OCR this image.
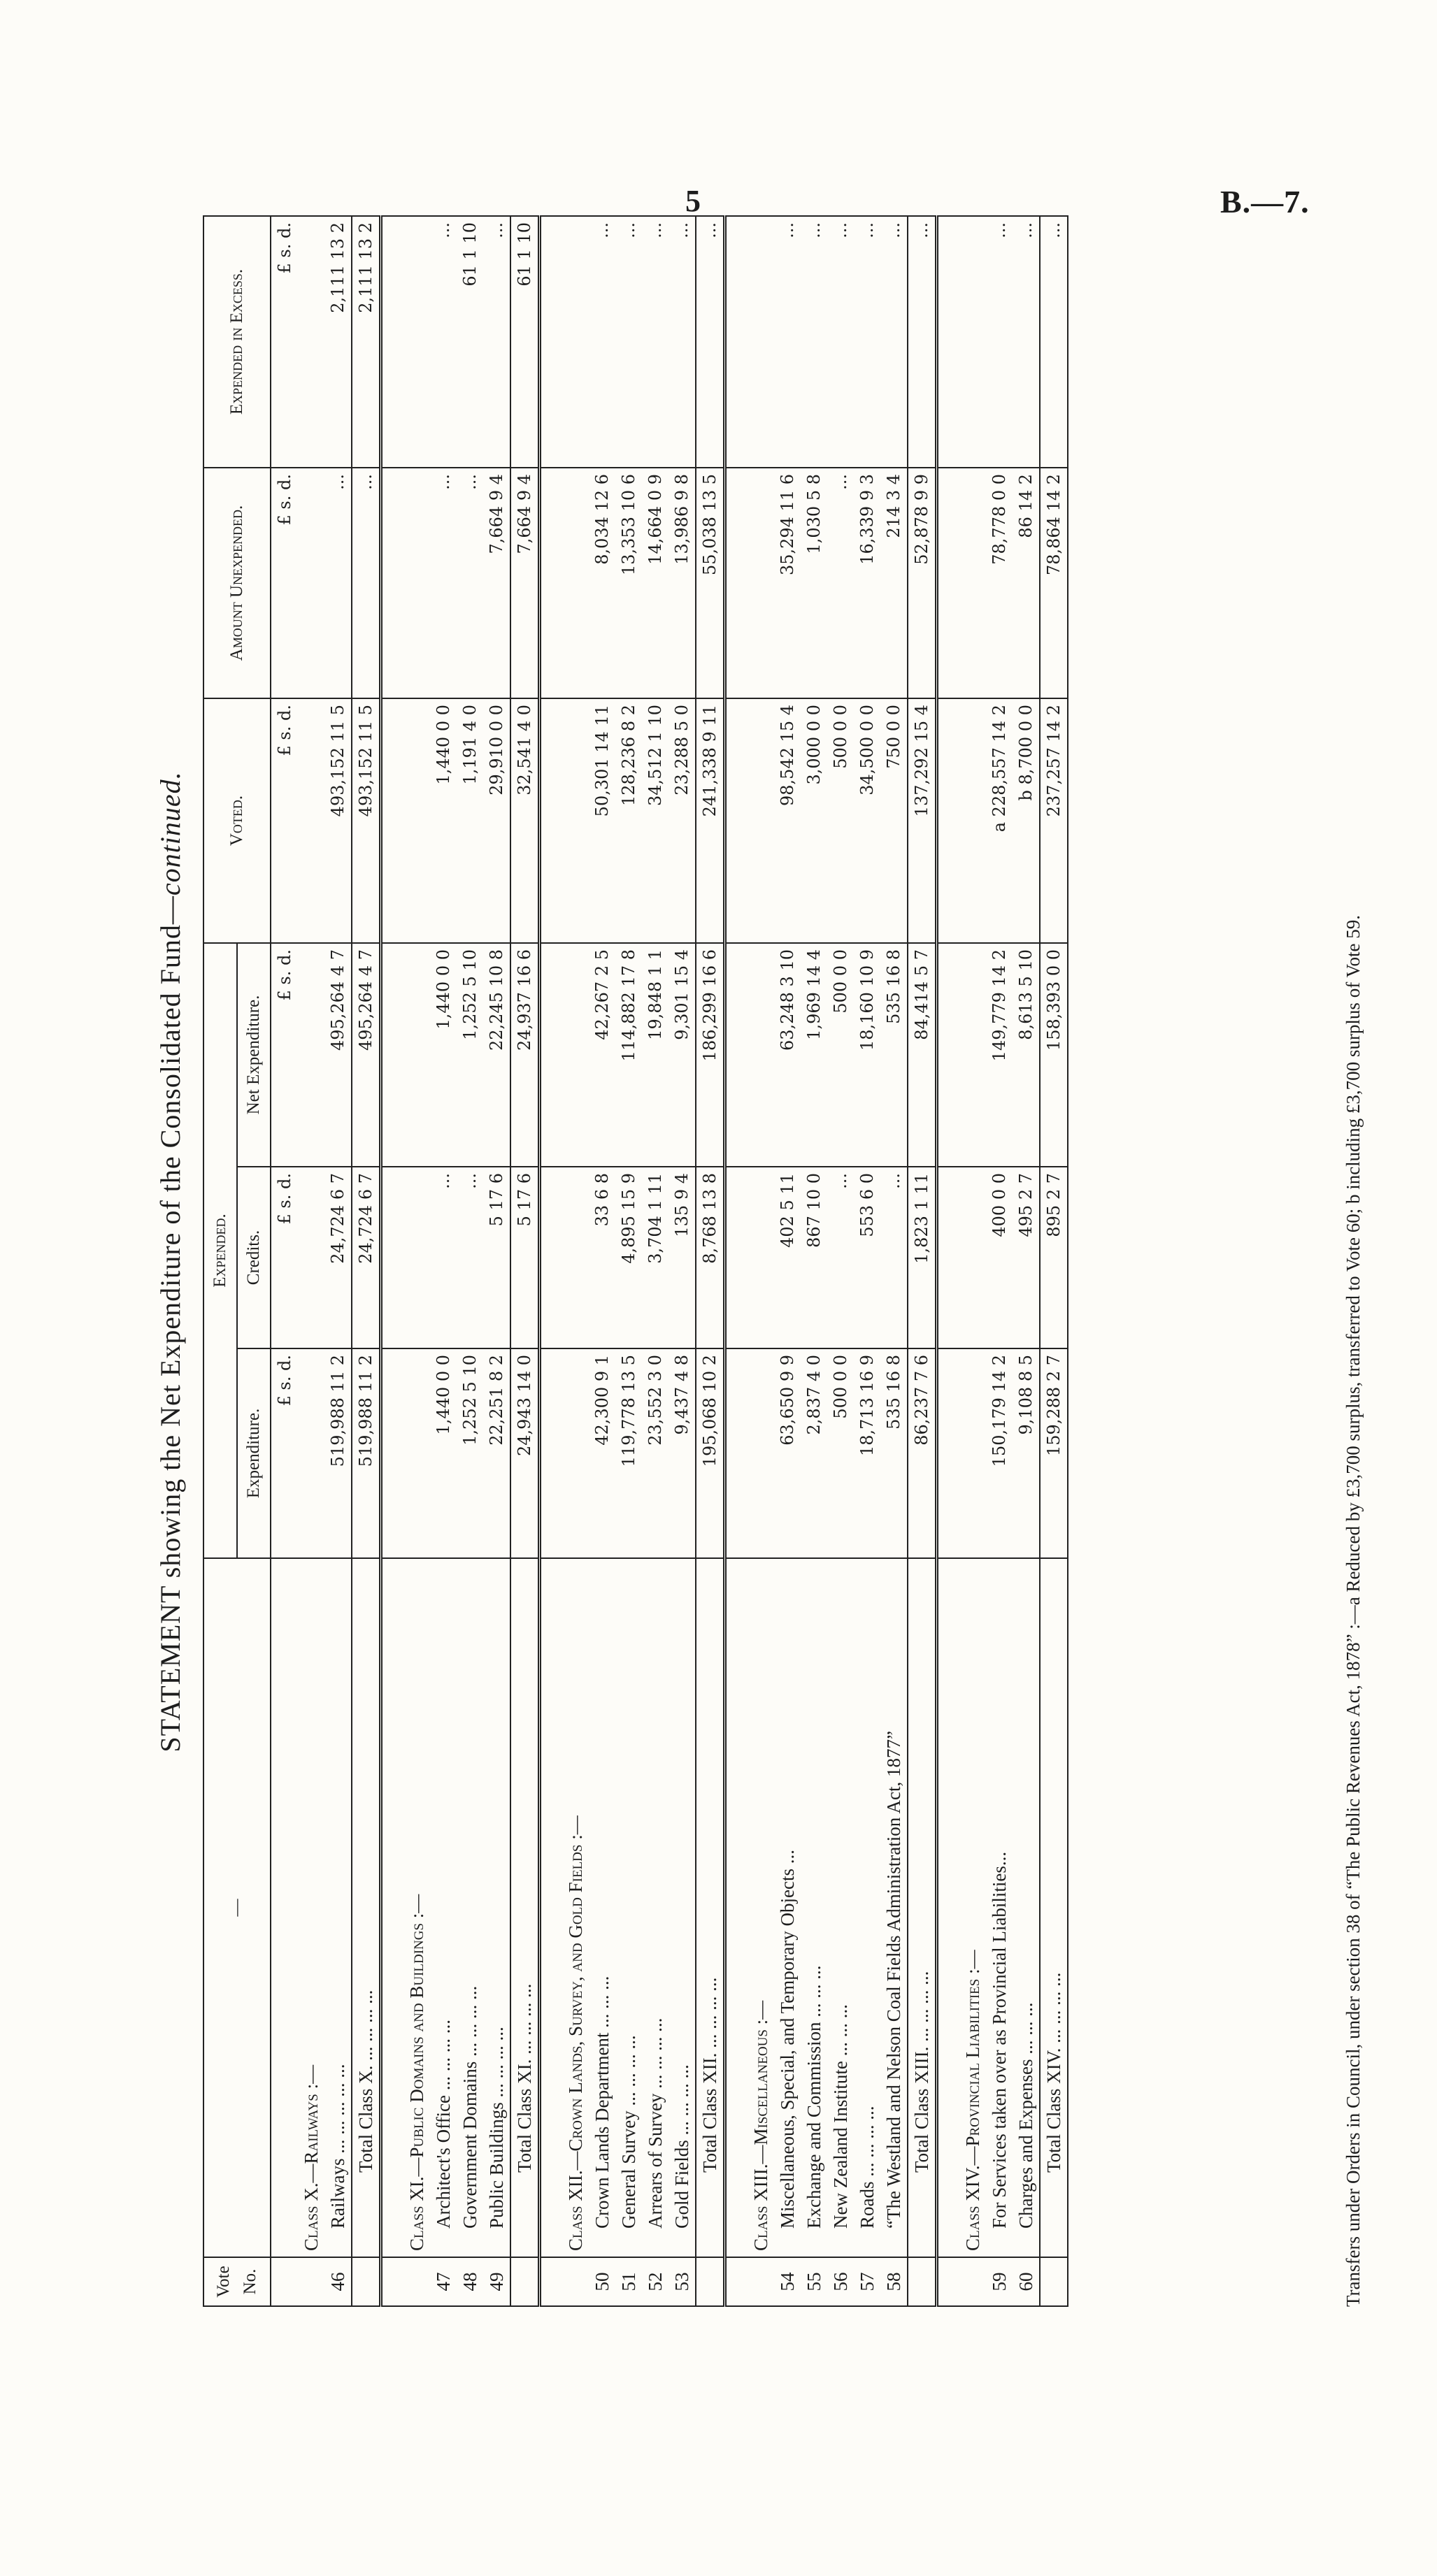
5	B.—7.
STATEMENT showing the Net Expenditure of the Consolidated Fund—continued.
Vote No.	—	Expended.			Voted.	Amount Unexpended.	Expended in Excess.
		Expenditure.	Credits.	Net Expenditure.			
		£ s. d.	£ s. d.	£ s. d.	£ s. d.	£ s. d.	£ s. d.
	Class X.—Railways :—						
46	Railways ... ... ... ... ...	519,988 11 2	24,724 6 7	495,264 4 7	493,152 11 5	...	2,111 13 2
	Total Class X. ... ... ... ...	519,988 11 2	24,724 6 7	495,264 4 7	493,152 11 5	...	2,111 13 2

	Class XI.—Public Domains and Buildings :—						
47	Architect's Office ... ... ... ...	1,440 0 0	...	1,440 0 0	1,440 0 0	...	...
48	Government Domains ... ... ... ...	1,252 5 10	...	1,252 5 10	1,191 4 0	...	61 1 10
49	Public Buildings ... ... ... ...	22,251 8 2	5 17 6	22,245 10 8	29,910 0 0	7,664 9 4	...
	Total Class XI. ... ... ... ...	24,943 14 0	5 17 6	24,937 16 6	32,541 4 0	7,664 9 4	61 1 10

	Class XII.—Crown Lands, Survey, and Gold Fields :—						
50	Crown Lands Department ... ... ...	42,300 9 1	33 6 8	42,267 2 5	50,301 14 11	8,034 12 6	...
51	General Survey ... ... ... ...	119,778 13 5	4,895 15 9	114,882 17 8	128,236 8 2	13,353 10 6	...
52	Arrears of Survey ... ... ... ...	23,552 3 0	3,704 1 11	19,848 1 1	34,512 1 10	14,664 0 9	...
53	Gold Fields ... ... ... ...	9,437 4 8	135 9 4	9,301 15 4	23,288 5 0	13,986 9 8	...
	Total Class XII. ... ... ... ...	195,068 10 2	8,768 13 8	186,299 16 6	241,338 9 11	55,038 13 5	...

	Class XIII.—Miscellaneous :—						
54	Miscellaneous, Special, and Temporary Objects ...	63,650 9 9	402 5 11	63,248 3 10	98,542 15 4	35,294 11 6	...
55	Exchange and Commission ... ... ...	2,837 4 0	867 10 0	1,969 14 4	3,000 0 0	1,030 5 8	...
56	New Zealand Institute ... ... ...	500 0 0	...	500 0 0	500 0 0	...	...
57	Roads ... ... ... ...	18,713 16 9	553 6 0	18,160 10 9	34,500 0 0	16,339 9 3	...
58	“The Westland and Nelson Coal Fields Administration Act, 1877”	535 16 8	...	535 16 8	750 0 0	214 3 4	...
	Total Class XIII. ... ... ... ...	86,237 7 6	1,823 1 11	84,414 5 7	137,292 15 4	52,878 9 9	...

	Class XIV.—Provincial Liabilities :—						
59	For Services taken over as Provincial Liabilities...	150,179 14 2	400 0 0	149,779 14 2	a 228,557 14 2	78,778 0 0	...
60	Charges and Expenses ... ... ...	9,108 8 5	495 2 7	8,613 5 10	b 8,700 0 0	86 14 2	...
	Total Class XIV. ... ... ... ...	159,288 2 7	895 2 7	158,393 0 0	237,257 14 2	78,864 14 2	...
Transfers under Orders in Council, under section 38 of “The Public Revenues Act, 1878” :—a Reduced by £3,700 surplus, transferred to Vote 60; b including £3,700 surplus of Vote 59.
